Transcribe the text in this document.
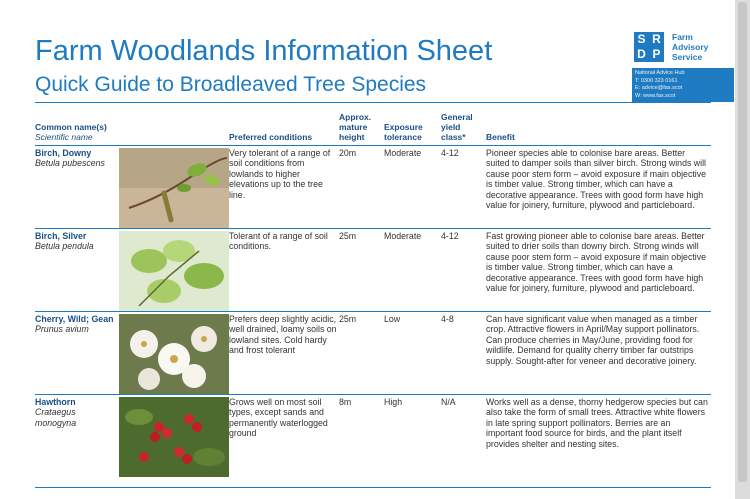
Farm Woodlands Information Sheet
Quick Guide to Broadleaved Tree Species
S R
D P
Farm
Advisory
Service
National Advice Hub
T: 0300 323 0161
E: advice@fas.scot
W: www.fas.scot
Common name(s)
Scientific name		Preferred conditions	Approx. mature height	Exposure tolerance	General yield class*	Benefit

Birch, Downy
Betula pubescens		Very tolerant of a range of soil conditions from lowlands to higher elevations up to the tree line.	20m	Moderate	4-12	Pioneer species able to colonise bare areas. Better suited to damper soils than silver birch. Strong winds will cause poor stem form – avoid exposure if main objective is timber value. Strong timber, which can have a decorative appearance. Trees with good form have high value for joinery, furniture, plywood and particleboard.

Birch, Silver
Betula pendula		Tolerant of a range of soil conditions.	25m	Moderate	4-12	Fast growing pioneer able to colonise bare areas. Better suited to drier soils than downy birch. Strong winds will cause poor stem form – avoid exposure if main objective is timber value. Strong timber, which can have a decorative appearance. Trees with good form have high value for joinery, furniture, plywood and particleboard.

Cherry, Wild; Gean
Prunus avium		Prefers deep slightly acidic, well drained, loamy soils on lowland sites. Cold hardy and frost tolerant	25m	Low	4-8	Can have significant value when managed as a timber crop. Attractive flowers in April/May support pollinators. Can produce cherries in May/June, providing food for wildlife. Demand for quality cherry timber far outstrips supply. Sought-after for veneer and decorative joinery.

Hawthorn
Crataegus monogyna		Grows well on most soil types, except sands and permanently waterlogged ground	8m	High	N/A	Works well as a dense, thorny hedgerow species but can also take the form of small trees. Attractive white flowers in late spring support pollinators. Berries are an important food source for birds, and the plant itself provides shelter and nesting sites.
